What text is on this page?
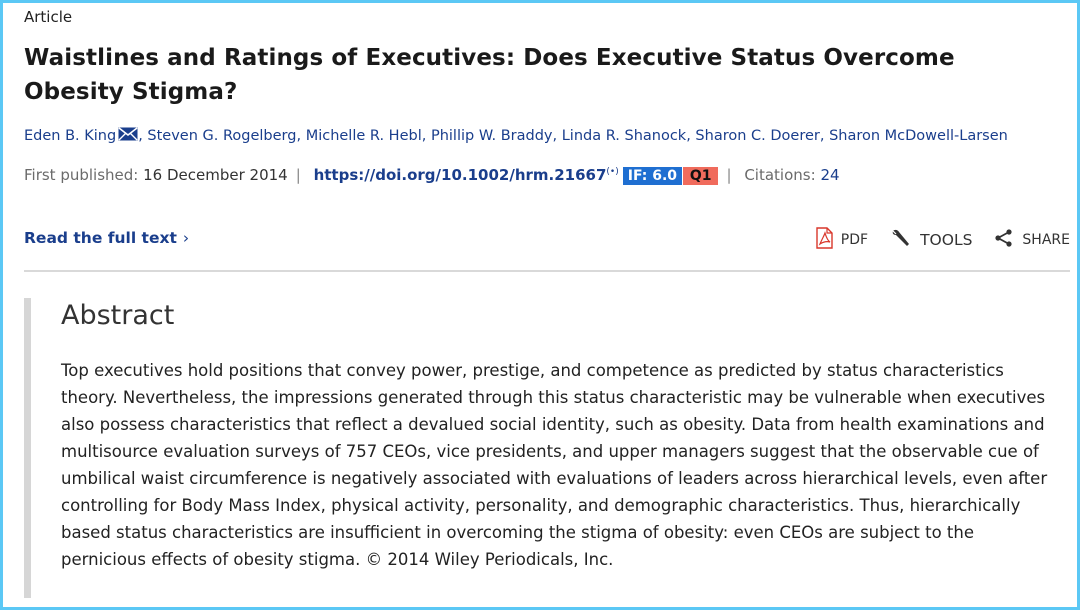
Article
Waistlines and Ratings of Executives: Does Executive Status Overcome Obesity Stigma?
Eden B. King , Steven G. Rogelberg, Michelle R. Hebl, Phillip W. Braddy, Linda R. Shanock, Sharon C. Doerer, Sharon McDowell-Larsen
First published: 16 December 2014 | https://doi.org/10.1002/hrm.21667(•) IF: 6.0 Q1 | Citations: 24
Read the full text ›	PDF	TOOLS	SHARE
Abstract

Top executives hold positions that convey power, prestige, and competence as predicted by status characteristics theory. Nevertheless, the impressions generated through this status characteristic may be vulnerable when executives also possess characteristics that reflect a devalued social identity, such as obesity. Data from health examinations and multisource evaluation surveys of 757 CEOs, vice presidents, and upper managers suggest that the observable cue of umbilical waist circumference is negatively associated with evaluations of leaders across hierarchical levels, even after controlling for Body Mass Index, physical activity, personality, and demographic characteristics. Thus, hierarchically based status characteristics are insufficient in overcoming the stigma of obesity: even CEOs are subject to the pernicious effects of obesity stigma. © 2014 Wiley Periodicals, Inc.
